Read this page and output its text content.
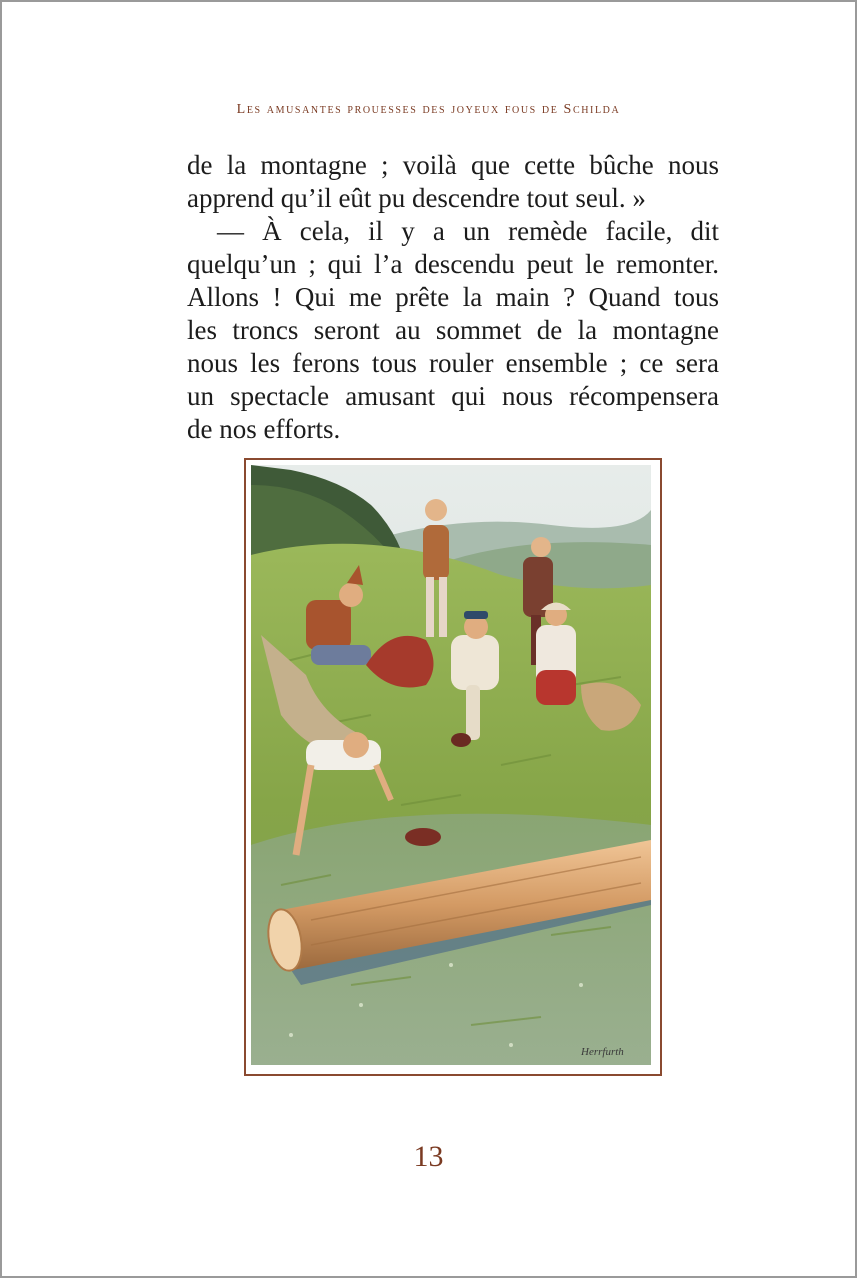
Les amusantes prouesses des joyeux fous de Schilda
de la montagne ; voilà que cette bûche nous
apprend qu’il eût pu descendre tout seul. »
— À cela, il y a un remède facile, dit
quelqu’un ; qui l’a descendu peut le remonter.
Allons ! Qui me prête la main ? Quand tous
les troncs seront au sommet de la montagne
nous les ferons tous rouler ensemble ; ce sera
un spectacle amusant qui nous récompensera
de nos efforts.
Herrfurth
13
